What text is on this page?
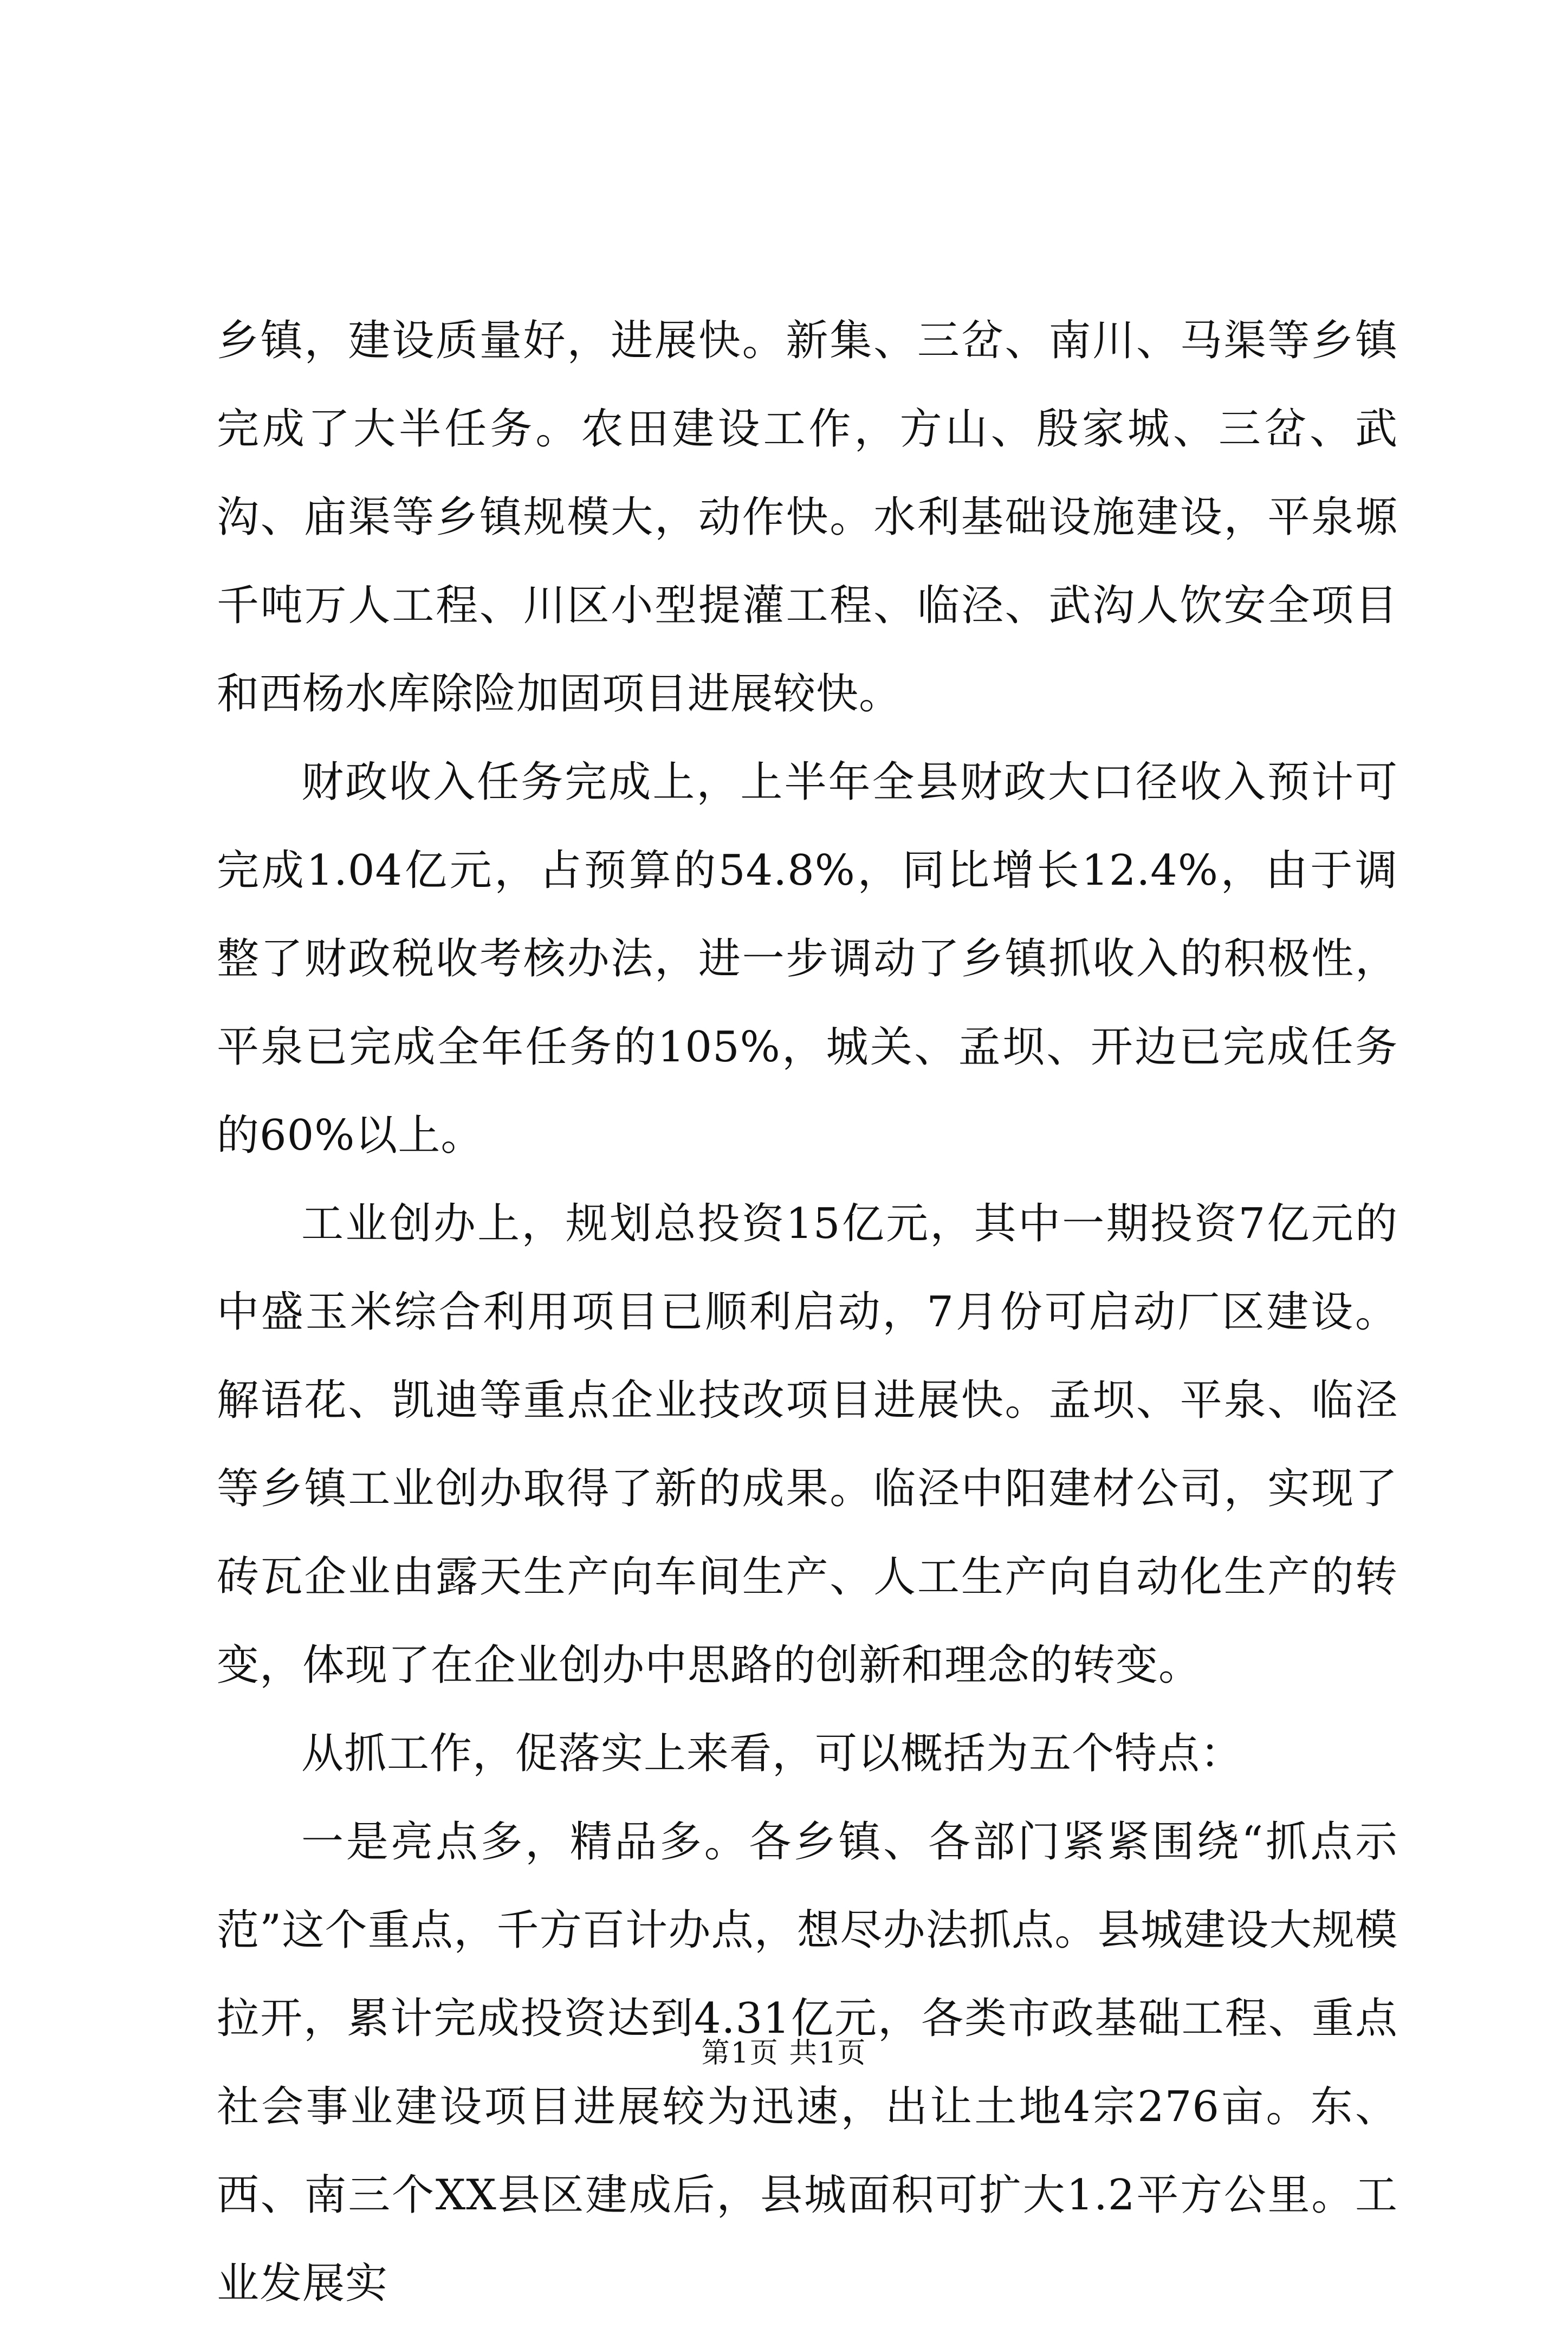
乡镇，建设质量好，进展快。新集、三岔、南川、马渠等乡镇完成了大半任务。农田建设工作，方山、殷家城、三岔、武沟、庙渠等乡镇规模大，动作快。水利基础设施建设，平泉塬千吨万人工程、川区小型提灌工程、临泾、武沟人饮安全项目和西杨水库除险加固项目进展较快。

财政收入任务完成上，上半年全县财政大口径收入预计可完成1.04亿元，占预算的54.8%，同比增长12.4%，由于调整了财政税收考核办法，进一步调动了乡镇抓收入的积极性，平泉已完成全年任务的105%，城关、孟坝、开边已完成任务的60%以上。

工业创办上，规划总投资15亿元，其中一期投资7亿元的中盛玉米综合利用项目已顺利启动，7月份可启动厂区建设。解语花、凯迪等重点企业技改项目进展快。孟坝、平泉、临泾等乡镇工业创办取得了新的成果。临泾中阳建材公司，实现了砖瓦企业由露天生产向车间生产、人工生产向自动化生产的转变，体现了在企业创办中思路的创新和理念的转变。

从抓工作，促落实上来看，可以概括为五个特点：

一是亮点多，精品多。各乡镇、各部门紧紧围绕“抓点示范”这个重点，千方百计办点，想尽办法抓点。县城建设大规模拉开，累计完成投资达到4.31亿元，各类市政基础工程、重点社会事业建设项目进展较为迅速，出让土地4宗276亩。东、西、南三个XX县区建成后，县城面积可扩大1.2平方公里。工业发展实

第1页 共1页
